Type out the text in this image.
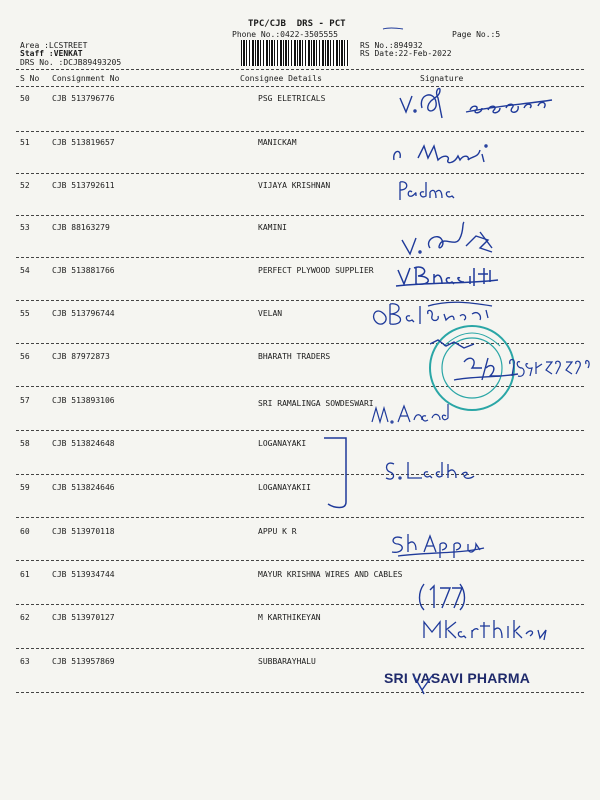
TPC/CJB  DRS - PCT
Phone No.:0422-3505555	Page No.:5
Area :LCSTREET
Staff :VENKAT
DRS No. :DCJB89493205
RS No.:894932
RS Date:22-Feb-2022
S No Consignment No	Consignee Details	Signature
50	CJB 513796776	PSG ELETRICALS
51	CJB 513819657	MANICKAM
52	CJB 513792611	VIJAYA KRISHNAN
53	CJB 88163279	KAMINI
54	CJB 513881766	PERFECT PLYWOOD SUPPLIER
55	CJB 513796744	VELAN
56	CJB 87972873	BHARATH TRADERS
57	CJB 513893106	SRI RAMALINGA SOWDESWARI
58	CJB 513824648	LOGANAYAKI
59	CJB 513824646	LOGANAYAKII
60	CJB 513970118	APPU K R
61	CJB 513934744	MAYUR KRISHNA WIRES AND CABLES
62	CJB 513970127	M KARTHIKEYAN
63	CJB 513957869	SUBBARAYHALU
SRI VASAVI PHARMA
